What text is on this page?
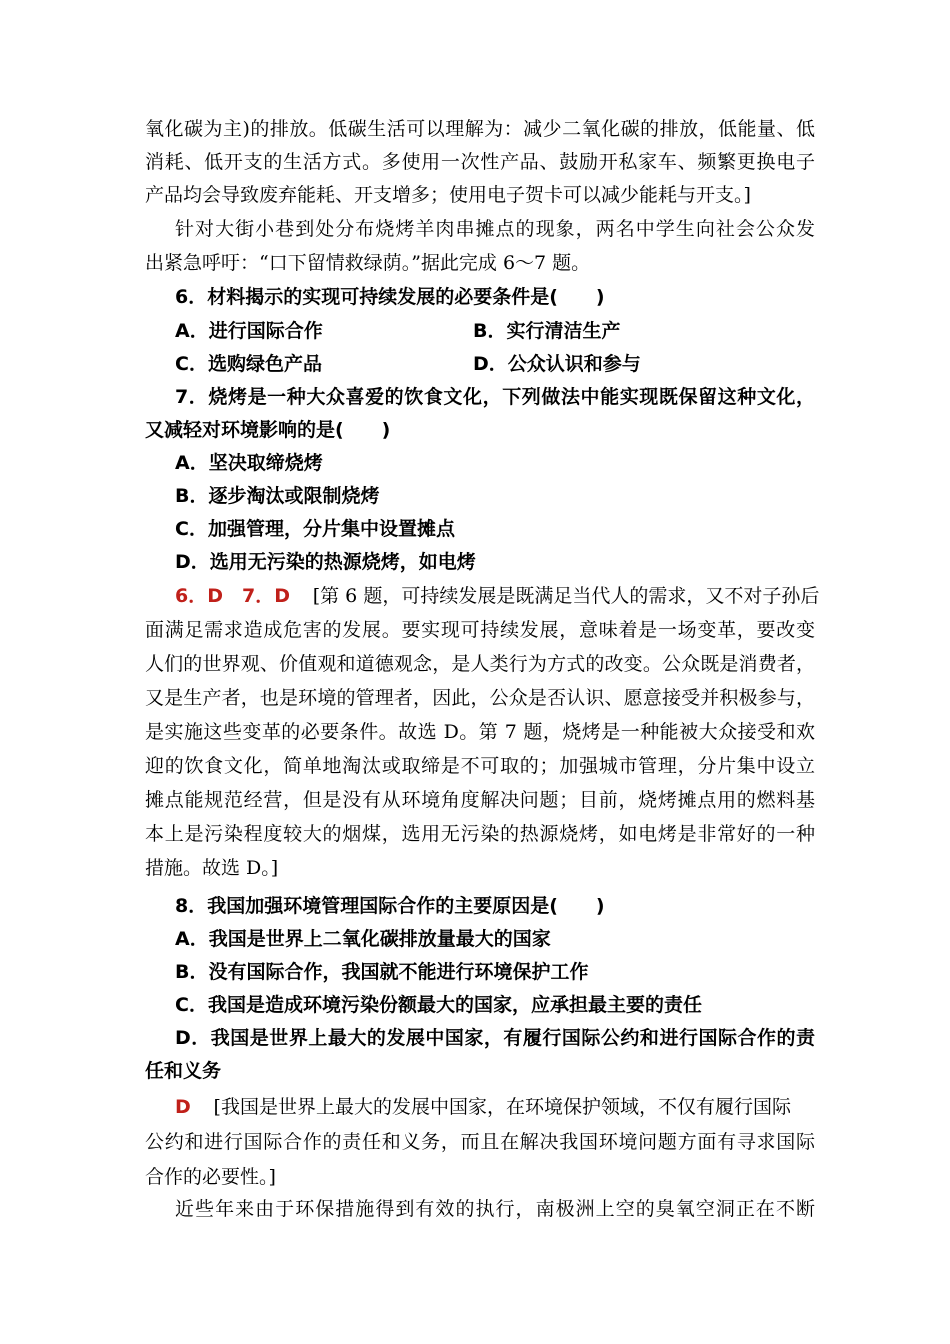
氧化碳为主)的排放。低碳生活可以理解为：减少二氧化碳的排放，低能量、低
消耗、低开支的生活方式。多使用一次性产品、鼓励开私家车、频繁更换电子
产品均会导致废弃能耗、开支增多；使用电子贺卡可以减少能耗与开支。]
针对大街小巷到处分布烧烤羊肉串摊点的现象，两名中学生向社会公众发
出紧急呼吁：“口下留情救绿荫。”据此完成 6～7 题。
6．材料揭示的实现可持续发展的必要条件是(　　)
A．进行国际合作	B．实行清洁生产
C．选购绿色产品	D．公众认识和参与
7．烧烤是一种大众喜爱的饮食文化，下列做法中能实现既保留这种文化，
又减轻对环境影响的是(　　)
A．坚决取缔烧烤
B．逐步淘汰或限制烧烤
C．加强管理，分片集中设置摊点
D．选用无污染的热源烧烤，如电烤
6．D　7．D [第 6 题，可持续发展是既满足当代人的需求，又不对子孙后
面满足需求造成危害的发展。要实现可持续发展，意味着是一场变革，要改变
人们的世界观、价值观和道德观念，是人类行为方式的改变。公众既是消费者，
又是生产者，也是环境的管理者，因此，公众是否认识、愿意接受并积极参与，
是实施这些变革的必要条件。故选 D。第 7 题，烧烤是一种能被大众接受和欢
迎的饮食文化，简单地淘汰或取缔是不可取的；加强城市管理，分片集中设立
摊点能规范经营，但是没有从环境角度解决问题；目前，烧烤摊点用的燃料基
本上是污染程度较大的烟煤，选用无污染的热源烧烤，如电烤是非常好的一种
措施。故选 D。]
8．我国加强环境管理国际合作的主要原因是(　　)
A．我国是世界上二氧化碳排放量最大的国家
B．没有国际合作，我国就不能进行环境保护工作
C．我国是造成环境污染份额最大的国家，应承担最主要的责任
D．我国是世界上最大的发展中国家，有履行国际公约和进行国际合作的责
任和义务
D [我国是世界上最大的发展中国家，在环境保护领域，不仅有履行国际
公约和进行国际合作的责任和义务，而且在解决我国环境问题方面有寻求国际
合作的必要性。]
近些年来由于环保措施得到有效的执行，南极洲上空的臭氧空洞正在不断
